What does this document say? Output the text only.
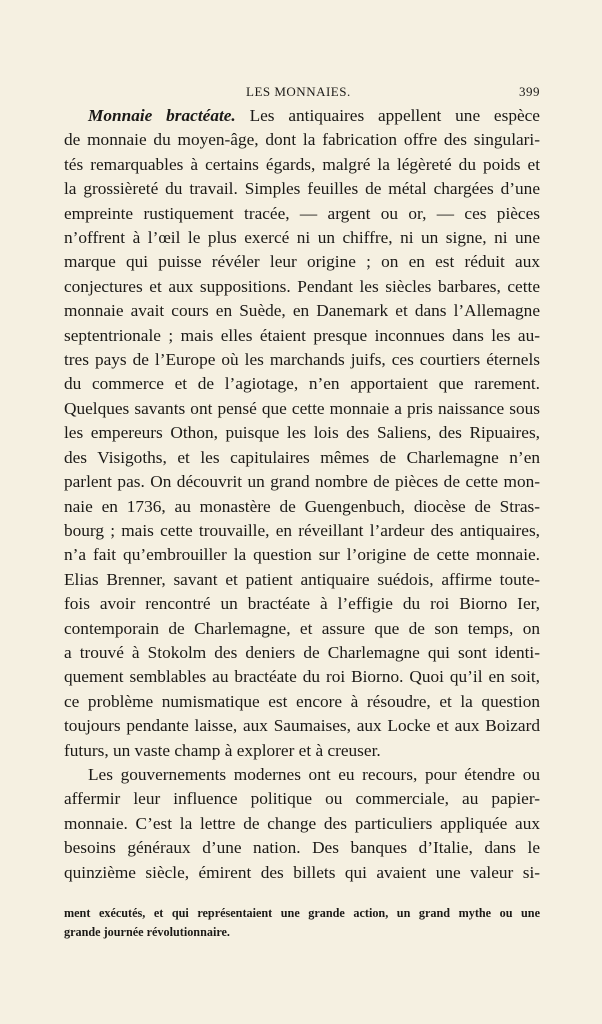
LES MONNAIES.	399
Monnaie bractéate. Les antiquaires appellent une espèce
de monnaie du moyen-âge, dont la fabrication offre des singulari-
tés remarquables à certains égards, malgré la légèreté du poids et
la grossièreté du travail. Simples feuilles de métal chargées d’une
empreinte rustiquement tracée, — argent ou or, — ces pièces
n’offrent à l’œil le plus exercé ni un chiffre, ni un signe, ni une
marque qui puisse révéler leur origine ; on en est réduit aux
conjectures et aux suppositions. Pendant les siècles barbares, cette
monnaie avait cours en Suède, en Danemark et dans l’Allemagne
septentrionale ; mais elles étaient presque inconnues dans les au-
tres pays de l’Europe où les marchands juifs, ces courtiers éternels
du commerce et de l’agiotage, n’en apportaient que rarement.
Quelques savants ont pensé que cette monnaie a pris naissance sous
les empereurs Othon, puisque les lois des Saliens, des Ripuaires,
des Visigoths, et les capitulaires mêmes de Charlemagne n’en
parlent pas. On découvrit un grand nombre de pièces de cette mon-
naie en 1736, au monastère de Guengenbuch, diocèse de Stras-
bourg ; mais cette trouvaille, en réveillant l’ardeur des antiquaires,
n’a fait qu’embrouiller la question sur l’origine de cette monnaie.
Elias Brenner, savant et patient antiquaire suédois, affirme toute-
fois avoir rencontré un bractéate à l’effigie du roi Biorno Ier,
contemporain de Charlemagne, et assure que de son temps, on
a trouvé à Stokolm des deniers de Charlemagne qui sont identi-
quement semblables au bractéate du roi Biorno. Quoi qu’il en soit,
ce problème numismatique est encore à résoudre, et la question
toujours pendante laisse, aux Saumaises, aux Locke et aux Boizard
futurs, un vaste champ à explorer et à creuser.
Les gouvernements modernes ont eu recours, pour étendre ou
affermir leur influence politique ou commerciale, au papier-
monnaie. C’est la lettre de change des particuliers appliquée aux
besoins généraux d’une nation. Des banques d’Italie, dans le
quinzième siècle, émirent des billets qui avaient une valeur si-
ment exécutés, et qui représentaient une grande action, un grand mythe ou une
grande journée révolutionnaire.
